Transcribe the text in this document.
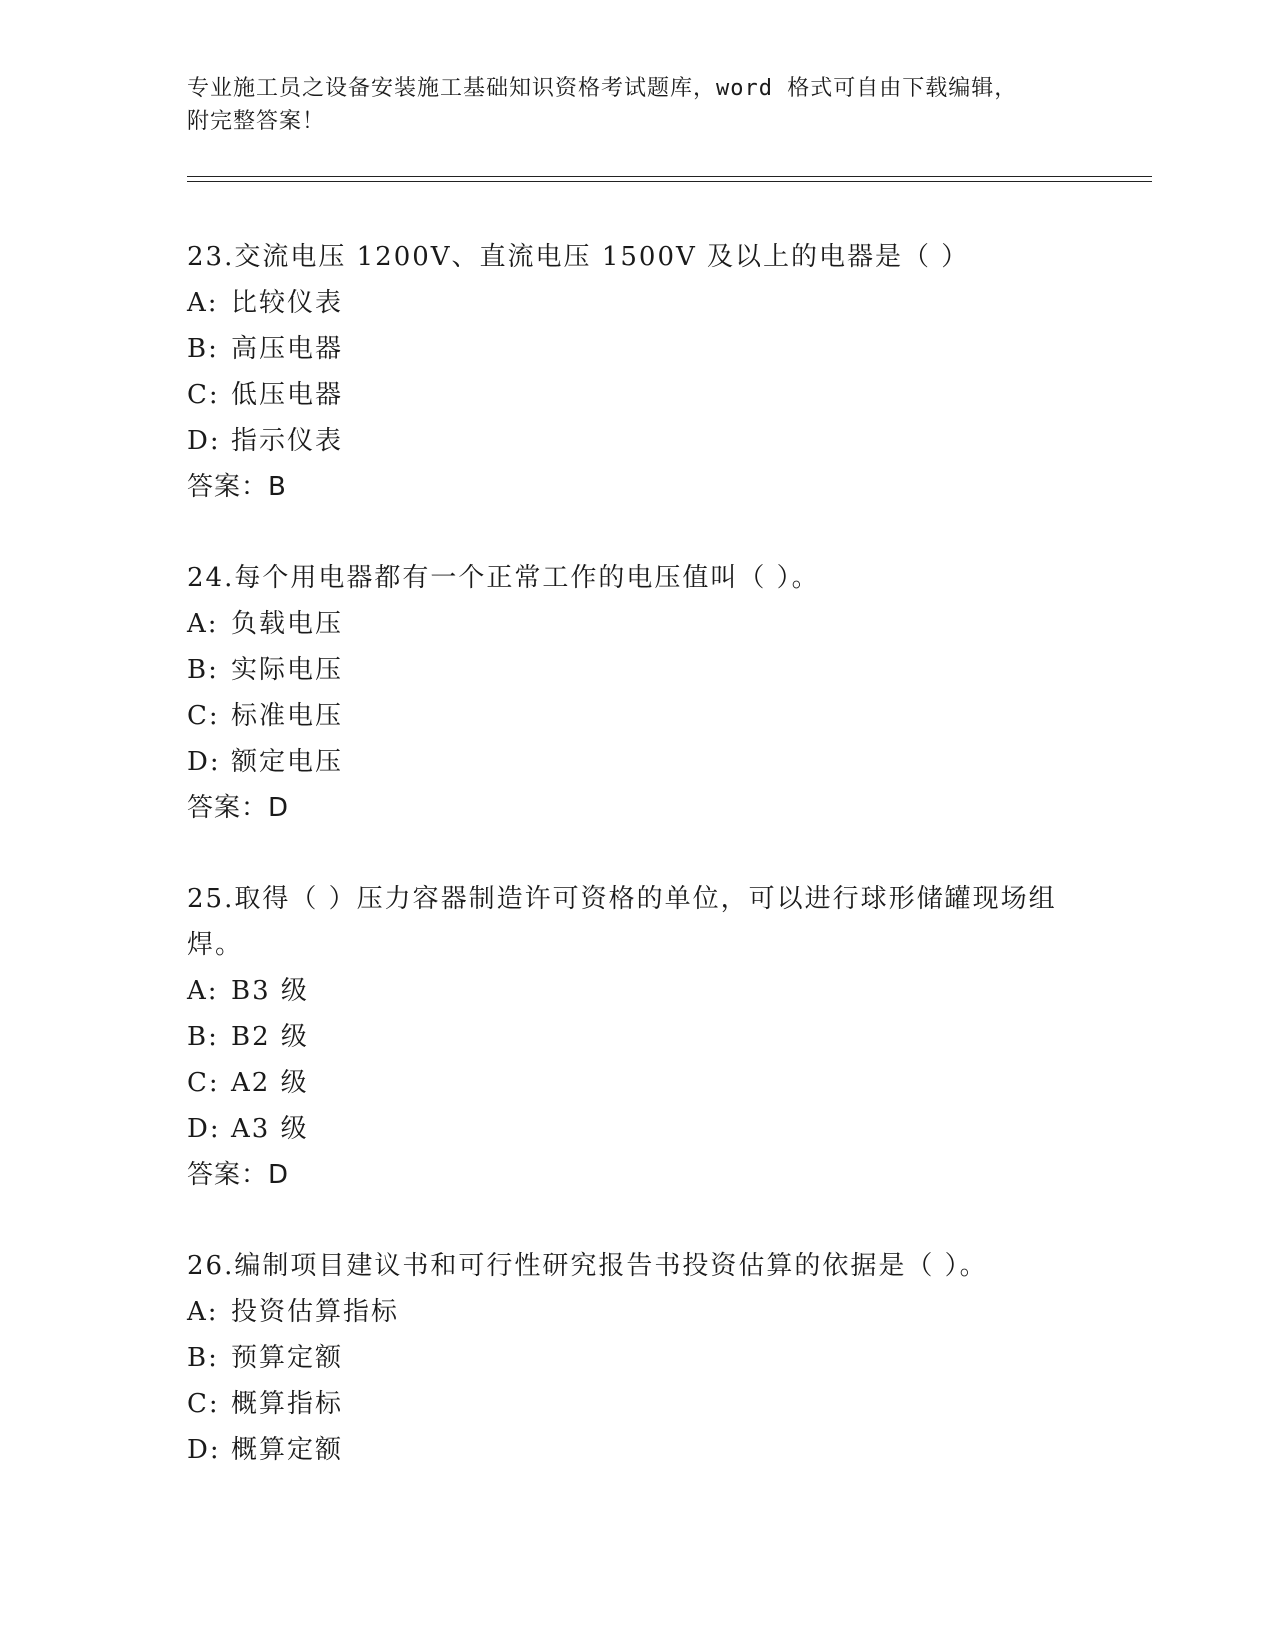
专业施工员之设备安装施工基础知识资格考试题库，word 格式可自由下载编辑，
附完整答案！
23.交流电压 1200V、直流电压 1500V 及以上的电器是（ ）
A: 比较仪表
B: 高压电器
C: 低压电器
D: 指示仪表
答案：B
24.每个用电器都有一个正常工作的电压值叫（ ）。
A: 负载电压
B: 实际电压
C: 标准电压
D: 额定电压
答案：D
25.取得（ ）压力容器制造许可资格的单位，可以进行球形储罐现场组焊。
A: B3 级
B: B2 级
C: A2 级
D: A3 级
答案：D
26.编制项目建议书和可行性研究报告书投资估算的依据是（ ）。
A: 投资估算指标
B: 预算定额
C: 概算指标
D: 概算定额
